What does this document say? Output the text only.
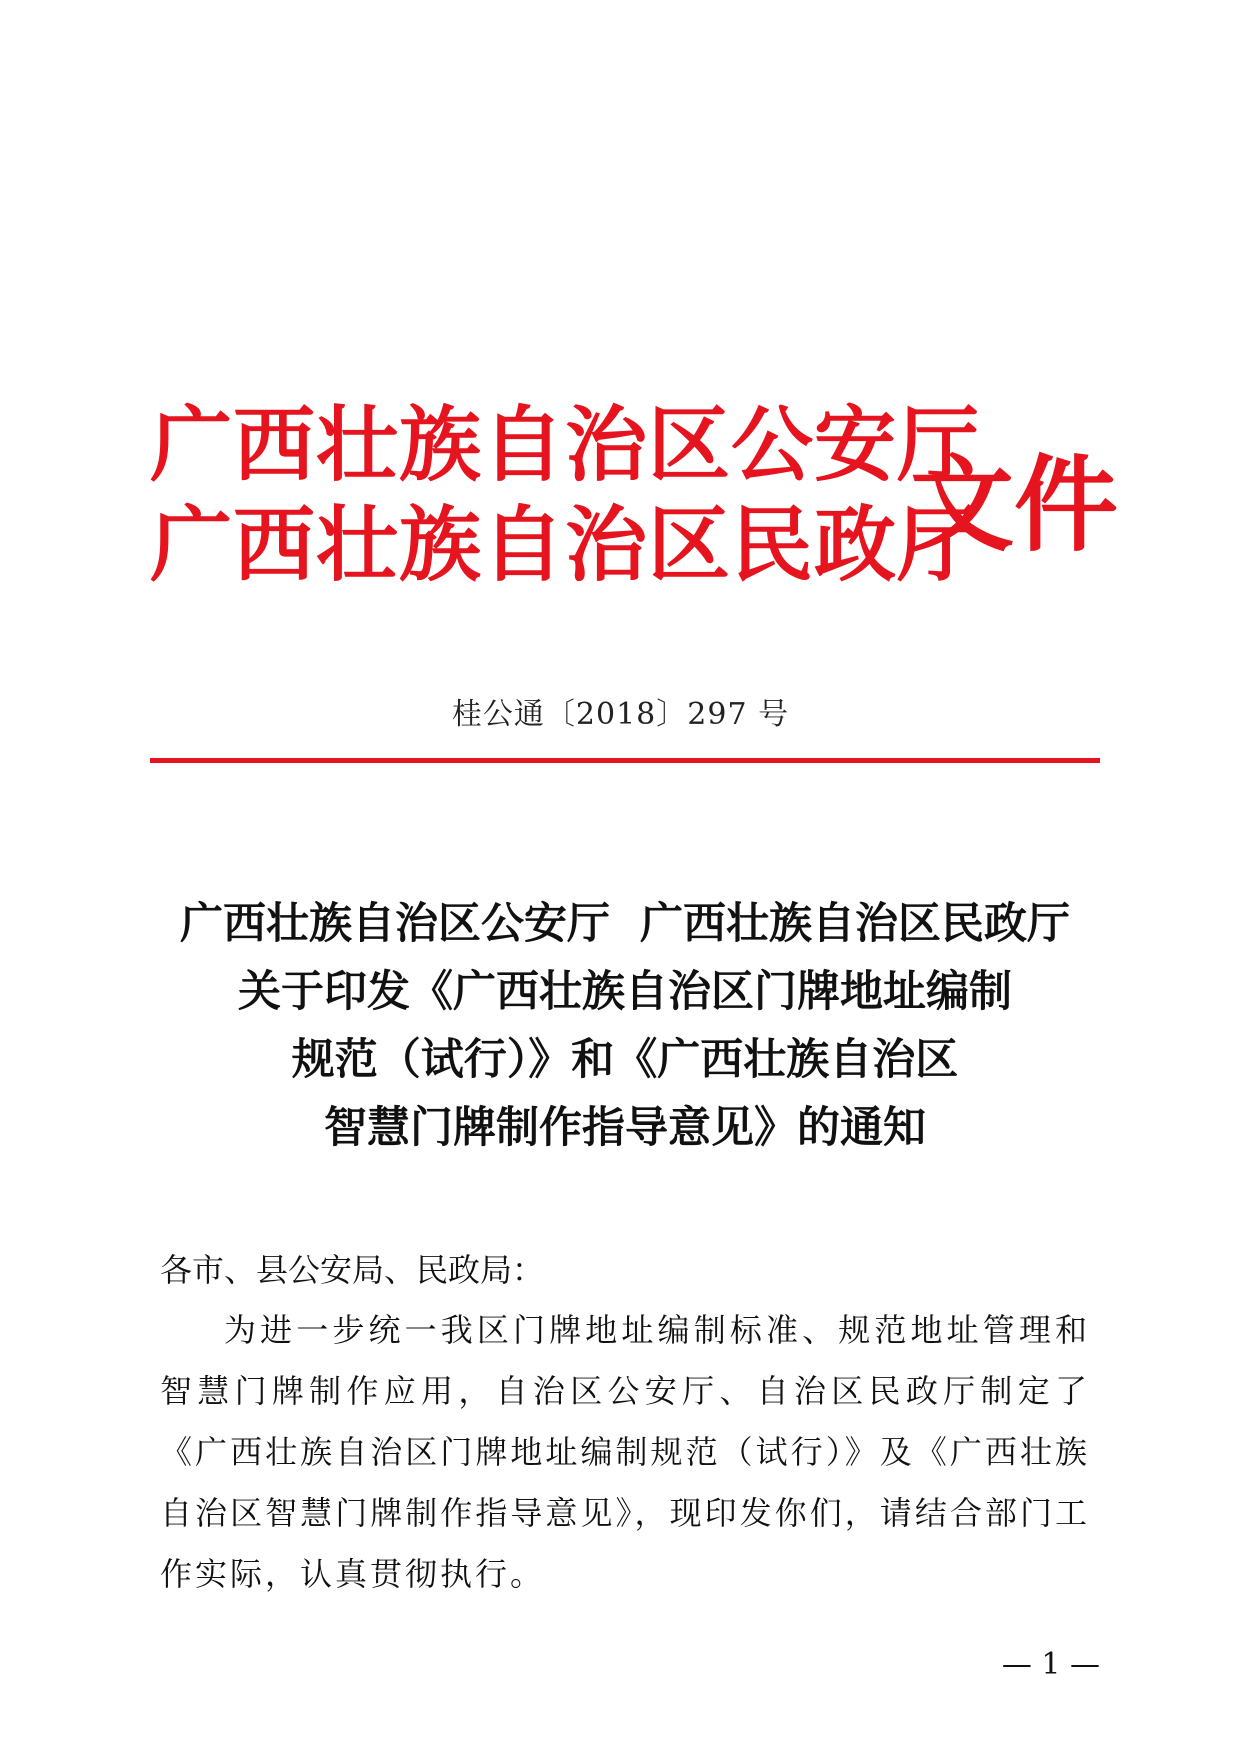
广西壮族自治区公安厅
广西壮族自治区民政厅
文件
桂公通〔2018〕297 号
广西壮族自治区公安厅  广西壮族自治区民政厅
关于印发《广西壮族自治区门牌地址编制
规范（试行）》和《广西壮族自治区
智慧门牌制作指导意见》的通知

各市、县公安局、民政局：

为进一步统一我区门牌地址编制标准、规范地址管理和智慧门牌制作应用，自治区公安厅、自治区民政厅制定了《广西壮族自治区门牌地址编制规范（试行）》及《广西壮族自治区智慧门牌制作指导意见》，现印发你们，请结合部门工作实际，认真贯彻执行。

— 1 —
